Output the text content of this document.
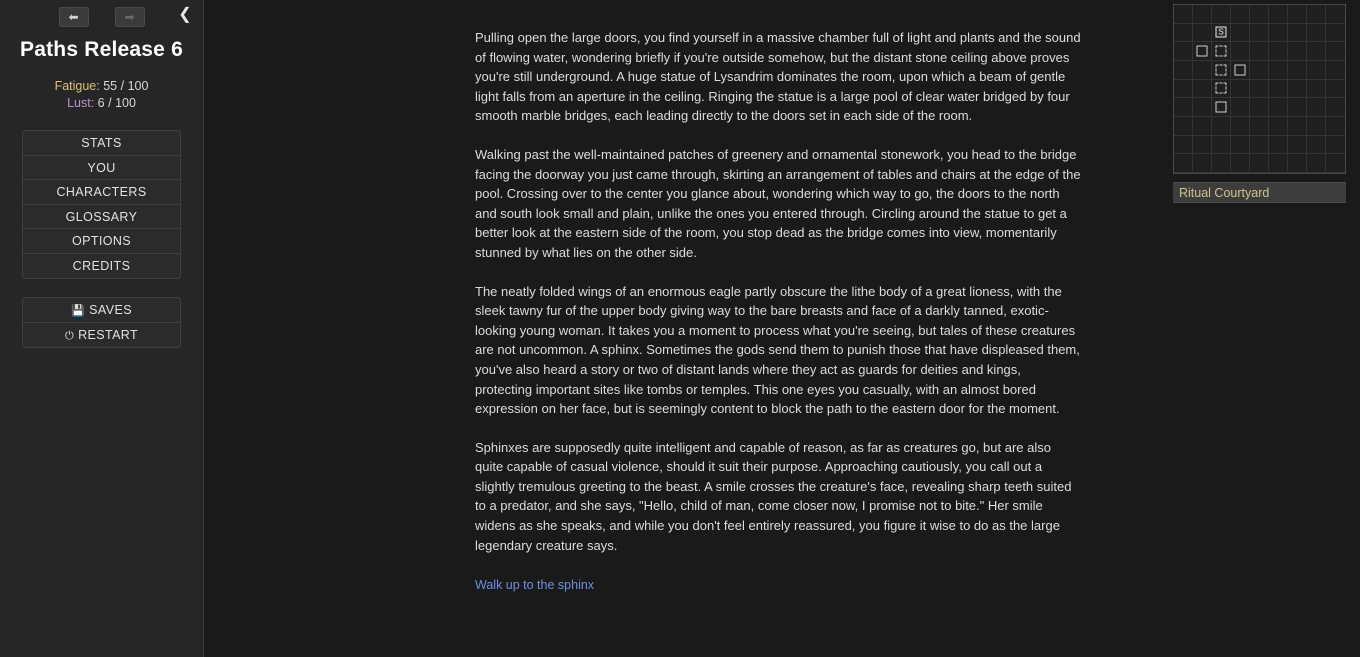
⬅	➡	❮
Paths Release 6
Fatigue: 55 / 100
Lust: 6 / 100
STATS
YOU
CHARACTERS
GLOSSARY
OPTIONS
CREDITS
💾 SAVES
⏻ RESTART

Pulling open the large doors, you find yourself in a massive chamber full of light and plants and the sound of flowing water, wondering briefly if you're outside somehow, but the distant stone ceiling above proves you're still underground. A huge statue of Lysandrim dominates the room, upon which a beam of gentle light falls from an aperture in the ceiling. Ringing the statue is a large pool of clear water bridged by four smooth marble bridges, each leading directly to the doors set in each side of the room.

Walking past the well-maintained patches of greenery and ornamental stonework, you head to the bridge facing the doorway you just came through, skirting an arrangement of tables and chairs at the edge of the pool. Crossing over to the center you glance about, wondering which way to go, the doors to the north and south look small and plain, unlike the ones you entered through. Circling around the statue to get a better look at the eastern side of the room, you stop dead as the bridge comes into view, momentarily stunned by what lies on the other side.

The neatly folded wings of an enormous eagle partly obscure the lithe body of a great lioness, with the sleek tawny fur of the upper body giving way to the bare breasts and face of a darkly tanned, exotic-looking young woman. It takes you a moment to process what you're seeing, but tales of these creatures are not uncommon. A sphinx. Sometimes the gods send them to punish those that have displeased them, you've also heard a story or two of distant lands where they act as guards for deities and kings, protecting important sites like tombs or temples. This one eyes you casually, with an almost bored expression on her face, but is seemingly content to block the path to the eastern door for the moment.

Sphinxes are supposedly quite intelligent and capable of reason, as far as creatures go, but are also quite capable of casual violence, should it suit their purpose. Approaching cautiously, you call out a slightly tremulous greeting to the beast. A smile crosses the creature's face, revealing sharp teeth suited to a predator, and she says, "Hello, child of man, come closer now, I promise not to bite." Her smile widens as she speaks, and while you don't feel entirely reassured, you figure it wise to do as the large legendary creature says.

Walk up to the sphinx
S
Ritual Courtyard
